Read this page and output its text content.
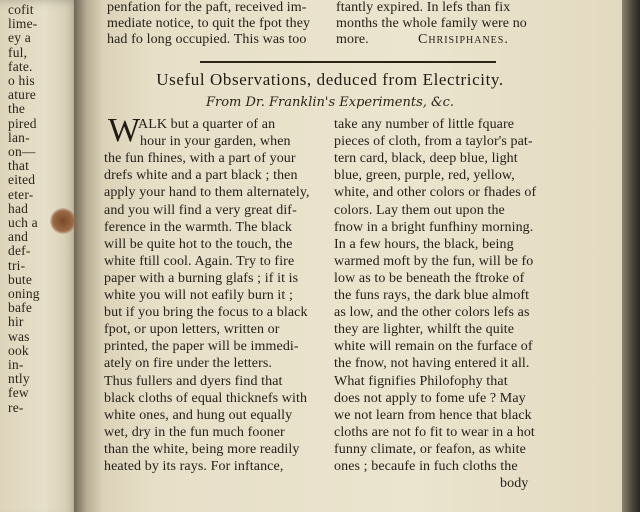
cofit
lime-
ey a
ful,
fate.
o his
ature
the
pired
lan-
on—
that
eited
eter-
had
uch a
and
def-
tri-
bute
oning
bafe
hir
was
ook
in-
ntly
few
re-
penfation for the paft, received im-
mediate notice, to quit the fpot they
had fo long occupied. This was too
ftantly expired. In lefs than fix
months the whole family were no
more.	Chrisiphanes.
Useful Observations, deduced from Electricity.
From Dr. Franklin's Experiments, &c.
W
ALK but a quarter of an
hour in your garden, when
the fun fhines, with a part of your
drefs white and a part black ; then
apply your hand to them alternately,
and you will find a very great dif-
ference in the warmth. The black
will be quite hot to the touch, the
white ftill cool. Again. Try to fire
paper with a burning glafs ; if it is
white you will not eafily burn it ;
but if you bring the focus to a black
fpot, or upon letters, written or
printed, the paper will be immedi-
ately on fire under the letters.
Thus fullers and dyers find that
black cloths of equal thicknefs with
white ones, and hung out equally
wet, dry in the fun much fooner
than the white, being more readily
heated by its rays. For inftance,
take any number of little fquare
pieces of cloth, from a taylor's pat-
tern card, black, deep blue, light
blue, green, purple, red, yellow,
white, and other colors or fhades of
colors. Lay them out upon the
fnow in a bright funfhiny morning.
In a few hours, the black, being
warmed moft by the fun, will be fo
low as to be beneath the ftroke of
the funs rays, the dark blue almoft
as low, and the other colors lefs as
they are lighter, whilft the quite
white will remain on the furface of
the fnow, not having entered it all.
What fignifies Philofophy that
does not apply to fome ufe ? May
we not learn from hence that black
cloths are not fo fit to wear in a hot
funny climate, or feafon, as white
ones ; becaufe in fuch cloths the
body
